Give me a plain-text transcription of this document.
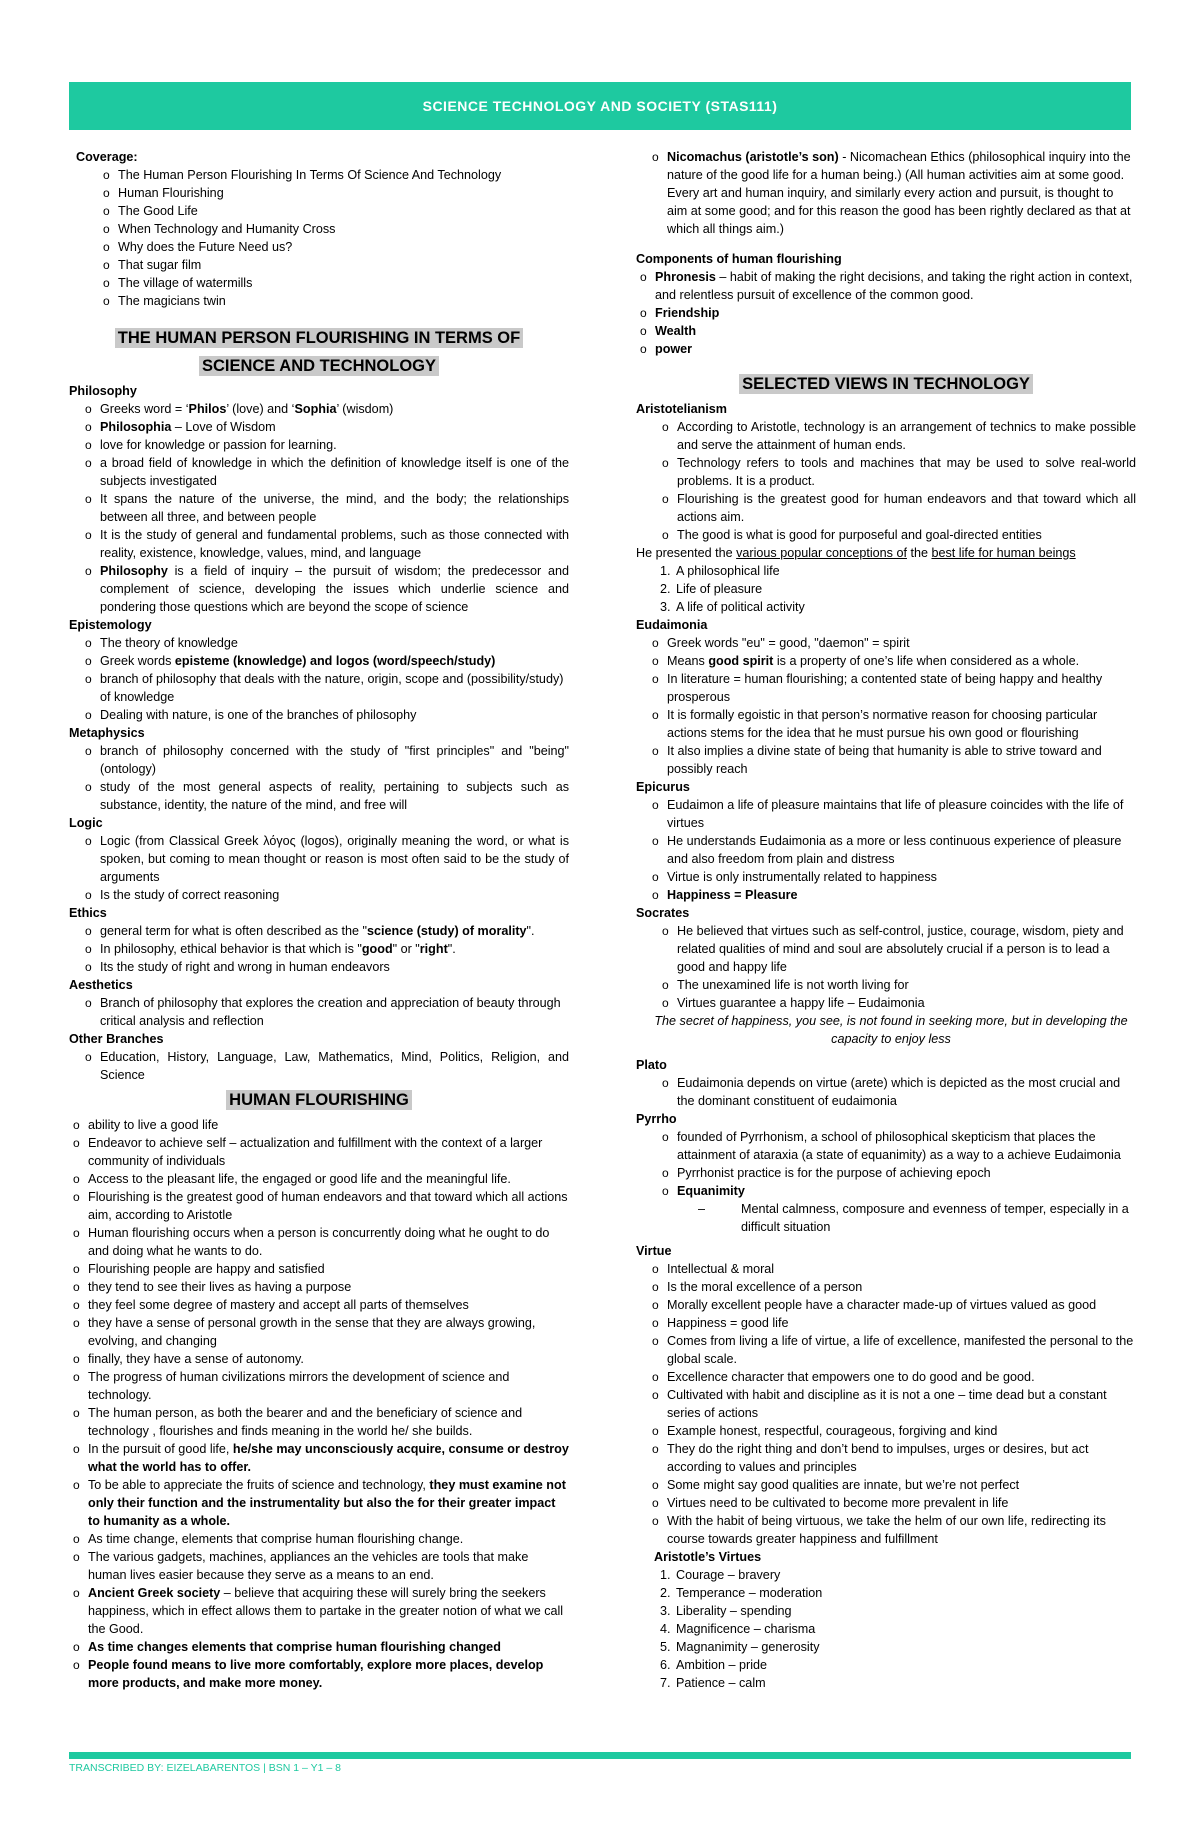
SCIENCE TECHNOLOGY AND SOCIETY (STAS111)
Coverage:
o The Human Person Flourishing In Terms Of Science And Technology
o Human Flourishing
o The Good Life
o When Technology and Humanity Cross
o Why does the Future Need us?
o That sugar film
o The village of watermills
o The magicians twin
THE HUMAN PERSON FLOURISHING IN TERMS OF
SCIENCE AND TECHNOLOGY
Philosophy
o Greeks word = ‘Philos’ (love) and ‘Sophia’ (wisdom)
o Philosophia – Love of Wisdom
o love for knowledge or passion for learning.
o a broad field of knowledge in which the definition of knowledge itself is one of the subjects investigated
o It spans the nature of the universe, the mind, and the body; the relationships between all three, and between people
o It is the study of general and fundamental problems, such as those connected with reality, existence, knowledge, values, mind, and language
o Philosophy is a field of inquiry – the pursuit of wisdom; the predecessor and complement of science, developing the issues which underlie science and pondering those questions which are beyond the scope of science
Epistemology
o The theory of knowledge
o Greek words episteme (knowledge) and logos (word/speech/study)
o branch of philosophy that deals with the nature, origin, scope and (possibility/study) of knowledge
o Dealing with nature, is one of the branches of philosophy
Metaphysics
o branch of philosophy concerned with the study of "first principles" and "being" (ontology)
o study of the most general aspects of reality, pertaining to subjects such as substance, identity, the nature of the mind, and free will
Logic
o Logic (from Classical Greek λόγος (logos), originally meaning the word, or what is spoken, but coming to mean thought or reason is most often said to be the study of arguments
o Is the study of correct reasoning
Ethics
o general term for what is often described as the "science (study) of morality".
o In philosophy, ethical behavior is that which is "good" or "right".
o Its the study of right and wrong in human endeavors
Aesthetics
o Branch of philosophy that explores the creation and appreciation of beauty through critical analysis and reflection
Other Branches
o Education, History, Language, Law, Mathematics, Mind, Politics, Religion, and Science
HUMAN FLOURISHING
o ability to live a good life
o Endeavor to achieve self – actualization and fulfillment with the context of a larger community of individuals
o Access to the pleasant life, the engaged or good life and the meaningful life.
o Flourishing is the greatest good of human endeavors and that toward which all actions aim, according to Aristotle
o Human flourishing occurs when a person is concurrently doing what he ought to do and doing what he wants to do.
o Flourishing people are happy and satisfied
o they tend to see their lives as having a purpose
o they feel some degree of mastery and accept all parts of themselves
o they have a sense of personal growth in the sense that they are always growing, evolving, and changing
o finally, they have a sense of autonomy.
o The progress of human civilizations mirrors the development of science and technology.
o The human person, as both the bearer and and the beneficiary of science and technology , flourishes and finds meaning in the world he/ she builds.
o In the pursuit of good life, he/she may unconsciously acquire, consume or destroy what the world has to offer.
o To be able to appreciate the fruits of science and technology, they must examine not only their function and the instrumentality but also the for their greater impact to humanity as a whole.
o As time change, elements that comprise human flourishing change.
o The various gadgets, machines, appliances an the vehicles are tools that make human lives easier because they serve as a means to an end.
o Ancient Greek society – believe that acquiring these will surely bring the seekers happiness, which in effect allows them to partake in the greater notion of what we call the Good.
o As time changes elements that comprise human flourishing changed
o People found means to live more comfortably, explore more places, develop more products, and make more money.
o Nicomachus (aristotle’s son) - Nicomachean Ethics (philosophical inquiry into the nature of the good life for a human being.) (All human activities aim at some good. Every art and human inquiry, and similarly every action and pursuit, is thought to aim at some good; and for this reason the good has been rightly declared as that at which all things aim.)
Components of human flourishing
o Phronesis – habit of making the right decisions, and taking the right action in context, and relentless pursuit of excellence of the common good.
o Friendship
o Wealth
o power
SELECTED VIEWS IN TECHNOLOGY
Aristotelianism
o According to Aristotle, technology is an arrangement of technics to make possible and serve the attainment of human ends.
o Technology refers to tools and machines that may be used to solve real-world problems. It is a product.
o Flourishing is the greatest good for human endeavors and that toward which all actions aim.
o The good is what is good for purposeful and goal-directed entities
He presented the various popular conceptions of the best life for human beings
1. A philosophical life
2. Life of pleasure
3. A life of political activity
Eudaimonia
o Greek words "eu" = good, "daemon" = spirit
o Means good spirit is a property of one’s life when considered as a whole.
o In literature = human flourishing; a contented state of being happy and healthy prosperous
o It is formally egoistic in that person’s normative reason for choosing particular actions stems for the idea that he must pursue his own good or flourishing
o It also implies a divine state of being that humanity is able to strive toward and possibly reach
Epicurus
o Eudaimon a life of pleasure maintains that life of pleasure coincides with the life of virtues
o He understands Eudaimonia as a more or less continuous experience of pleasure and also freedom from plain and distress
o Virtue is only instrumentally related to happiness
o Happiness = Pleasure
Socrates
o He believed that virtues such as self-control, justice, courage, wisdom, piety and related qualities of mind and soul are absolutely crucial if a person is to lead a good and happy life
o The unexamined life is not worth living for
o Virtues guarantee a happy life – Eudaimonia
The secret of happiness, you see, is not found in seeking more, but in developing the capacity to enjoy less
Plato
o Eudaimonia depends on virtue (arete) which is depicted as the most crucial and the dominant constituent of eudaimonia
Pyrrho
o founded of Pyrrhonism, a school of philosophical skepticism that places the attainment of ataraxia (a state of equanimity) as a way to a achieve Eudaimonia
o Pyrrhonist practice is for the purpose of achieving epoch
o Equanimity
–	Mental calmness, composure and evenness of temper, especially in a difficult situation
Virtue
o Intellectual & moral
o Is the moral excellence of a person
o Morally excellent people have a character made-up of virtues valued as good
o Happiness = good life
o Comes from living a life of virtue, a life of excellence, manifested the personal to the global scale.
o Excellence character that empowers one to do good and be good.
o Cultivated with habit and discipline as it is not a one – time dead but a constant series of actions
o Example honest, respectful, courageous, forgiving and kind
o They do the right thing and don’t bend to impulses, urges or desires, but act according to values and principles
o Some might say good qualities are innate, but we’re not perfect
o Virtues need to be cultivated to become more prevalent in life
o With the habit of being virtuous, we take the helm of our own life, redirecting its course towards greater happiness and fulfillment
Aristotle’s Virtues
1. Courage – bravery
2. Temperance – moderation
3. Liberality – spending
4. Magnificence – charisma
5. Magnanimity – generosity
6. Ambition – pride
7. Patience – calm
TRANSCRIBED BY: EIZELABARENTOS | BSN 1 – Y1 – 8
